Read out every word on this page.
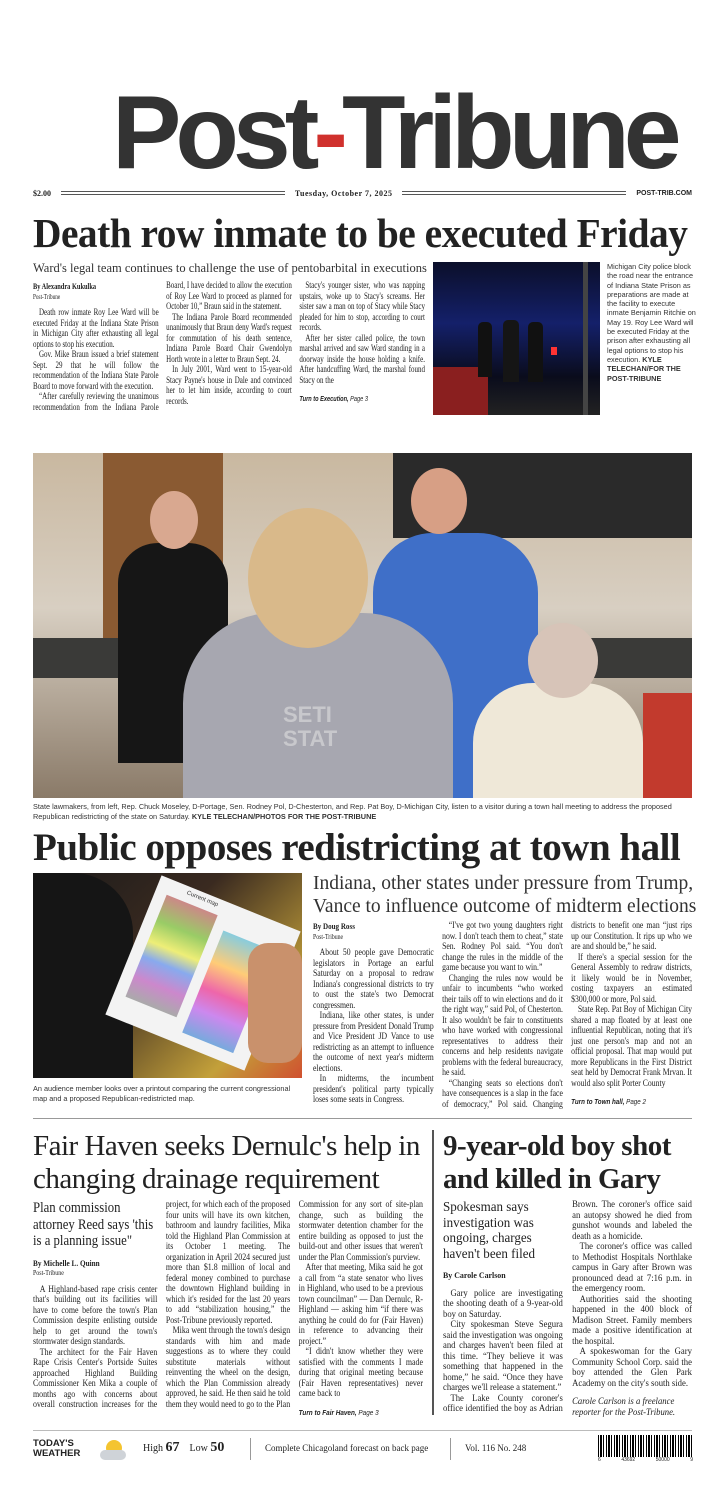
Post-Tribune
$2.00	Tuesday, October 7, 2025	POST-TRIB.COM
Death row inmate to be executed Friday
Ward's legal team continues to challenge the use of pentobarbital in executions
By Alexandra Kukulka
Post-Tribune

Death row inmate Roy Lee Ward will be executed Friday at the Indiana State Prison in Michigan City after exhausting all legal options to stop his execution.

Gov. Mike Braun issued a brief statement Sept. 29 that he will follow the recommendation of the Indiana State Parole Board to move forward with the execution.

“After carefully reviewing the unanimous recommendation from the Indiana Parole Board, I have decided to allow the execution of Roy Lee Ward to proceed as planned for October 10,” Braun said in the statement.

The Indiana Parole Board recommended unanimously that Braun deny Ward's request for commutation of his death sentence, Indiana Parole Board Chair Gwendolyn Horth wrote in a letter to Braun Sept. 24.

In July 2001, Ward went to 15-year-old Stacy Payne's house in Dale and convinced her to let him inside, according to court records.

Stacy's younger sister, who was napping upstairs, woke up to Stacy's screams. Her sister saw a man on top of Stacy while Stacy pleaded for him to stop, according to court records.

After her sister called police, the town marshal arrived and saw Ward standing in a doorway inside the house holding a knife. After handcuffing Ward, the marshal found Stacy on the

Turn to Execution, Page 3
Michigan City police block the road near the entrance of Indiana State Prison as preparations are made at the facility to execute inmate Benjamin Ritchie on May 19. Roy Lee Ward will be executed Friday at the prison after exhausting all legal options to stop his execution. KYLE TELECHAN/FOR THE POST-TRIBUNE
SETI STAT
State lawmakers, from left, Rep. Chuck Moseley, D-Portage, Sen. Rodney Pol, D-Chesterton, and Rep. Pat Boy, D-Michigan City, listen to a visitor during a town hall meeting to address the proposed Republican redistricting of the state on Saturday. KYLE TELECHAN/PHOTOS FOR THE POST-TRIBUNE
Public opposes redistricting at town hall
Current map
An audience member looks over a printout comparing the current congressional map and a proposed Republican-redistricted map.
Indiana, other states under pressure from Trump, Vance to influence outcome of midterm elections
By Doug Ross
Post-Tribune

About 50 people gave Democratic legislators in Portage an earful Saturday on a proposal to redraw Indiana's congressional districts to try to oust the state's two Democrat congressmen.

Indiana, like other states, is under pressure from President Donald Trump and Vice President JD Vance to use redistricting as an attempt to influence the outcome of next year's midterm elections.

In midterms, the incumbent president's political party typically loses some seats in Congress.

“I've got two young daughters right now. I don't teach them to cheat,” state Sen. Rodney Pol said. “You don't change the rules in the middle of the game because you want to win.”

Changing the rules now would be unfair to incumbents “who worked their tails off to win elections and do it the right way,” said Pol, of Chesterton. It also wouldn't be fair to constituents who have worked with congressional representatives to address their concerns and help residents navigate problems with the federal bureaucracy, he said.

“Changing seats so elections don't have consequences is a slap in the face of democracy,” Pol said. Changing districts to benefit one man “just rips up our Constitution. It rips up who we are and should be,” he said.

If there's a special session for the General Assembly to redraw districts, it likely would be in November, costing taxpayers an estimated $300,000 or more, Pol said.

State Rep. Pat Boy of Michigan City shared a map floated by at least one influential Republican, noting that it's just one person's map and not an official proposal. That map would put more Republicans in the First District seat held by Democrat Frank Mrvan. It would also split Porter County

Turn to Town hall, Page 2
Fair Haven seeks Dernulc's help in changing drainage requirement
Plan commission attorney Reed says 'this is a planning issue"
By Michelle L. Quinn
Post-Tribune

A Highland-based rape crisis center that's building out its facilities will have to come before the town's Plan Commission despite enlisting outside help to get around the town's stormwater design standards.

The architect for the Fair Haven Rape Crisis Center's Portside Suites approached Highland Building Commissioner Ken Mika a couple of months ago with concerns about overall construction increases for the project, for which each of the proposed four units will have its own kitchen, bathroom and laundry facilities, Mika told the Highland Plan Commission at its October 1 meeting. The organization in April 2024 secured just more than $1.8 million of local and federal money combined to purchase the downtown Highland building in which it's resided for the last 20 years to add “stabilization housing,” the Post-Tribune previously reported.

Mika went through the town's design standards with him and made suggestions as to where they could substitute materials without reinventing the wheel on the design, which the Plan Commission already approved, he said. He then said he told them they would need to go to the Plan Commission for any sort of site-plan change, such as building the stormwater detention chamber for the entire building as opposed to just the build-out and other issues that weren't under the Plan Commission's purview.

After that meeting, Mika said he got a call from “a state senator who lives in Highland, who used to be a previous town councilman” — Dan Dernulc, R-Highland — asking him “if there was anything he could do for (Fair Haven) in reference to advancing their project.”

“I didn't know whether they were satisfied with the comments I made during that original meeting because (Fair Haven representatives) never came back to

Turn to Fair Haven, Page 3
9-year-old boy shot and killed in Gary
Spokesman says investigation was ongoing, charges haven't been filed
By Carole Carlson

Gary police are investigating the shooting death of a 9-year-old boy on Saturday.

City spokesman Steve Segura said the investigation was ongoing and charges haven't been filed at this time. “They believe it was something that happened in the home,” he said. “Once they have charges we'll release a statement.”

The Lake County coroner's office identified the boy as Adrian Brown. The coroner's office said an autopsy showed he died from gunshot wounds and labeled the death as a homicide.

The coroner's office was called to Methodist Hospitals Northlake campus in Gary after Brown was pronounced dead at 7:16 p.m. in the emergency room.

Authorities said the shooting happened in the 400 block of Madison Street. Family members made a positive identification at the hospital.

A spokeswoman for the Gary Community School Corp. said the boy attended the Glen Park Academy on the city's south side.

Carole Carlson is a freelance reporter for the Post-Tribune.

TODAY'S WEATHER	High 67 Low 50	Complete Chicagoland forecast on back page	Vol. 116 No. 248
6	43692	50000	9
